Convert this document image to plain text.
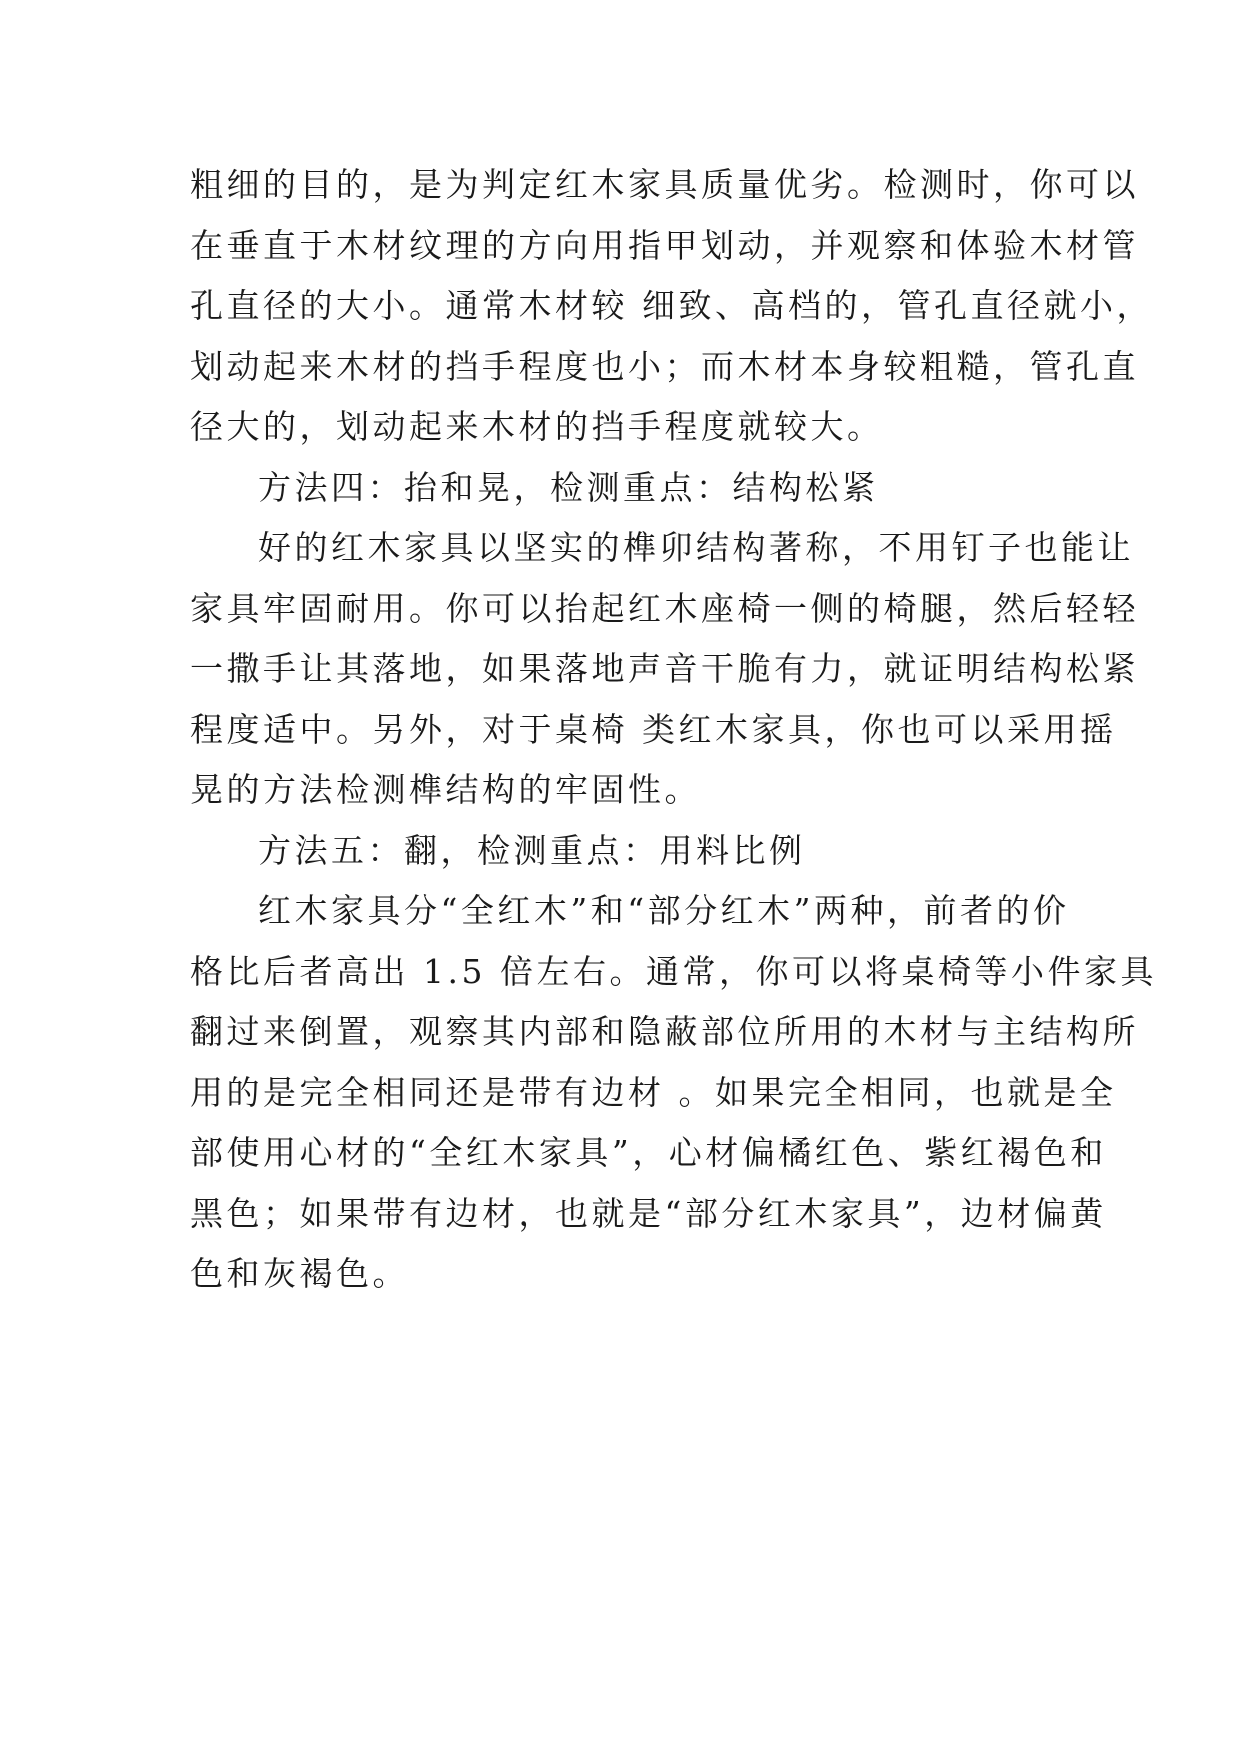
粗细的目的，是为判定红木家具质量优劣。检测时，你可以
在垂直于木材纹理的方向用指甲划动，并观察和体验木材管
孔直径的大小。通常木材较 细致、高档的，管孔直径就小，
划动起来木材的挡手程度也小；而木材本身较粗糙，管孔直
径大的，划动起来木材的挡手程度就较大。
方法四：抬和晃，检测重点：结构松紧
好的红木家具以坚实的榫卯结构著称，不用钉子也能让
家具牢固耐用。你可以抬起红木座椅一侧的椅腿，然后轻轻
一撒手让其落地，如果落地声音干脆有力，就证明结构松紧
程度适中。另外，对于桌椅 类红木家具，你也可以采用摇
晃的方法检测榫结构的牢固性。
方法五：翻，检测重点：用料比例
红木家具分“全红木”和“部分红木”两种，前者的价
格比后者高出 1.5 倍左右。通常，你可以将桌椅等小件家具
翻过来倒置，观察其内部和隐蔽部位所用的木材与主结构所
用的是完全相同还是带有边材 。如果完全相同，也就是全
部使用心材的“全红木家具”，心材偏橘红色、紫红褐色和
黑色；如果带有边材，也就是“部分红木家具”，边材偏黄
色和灰褐色。
